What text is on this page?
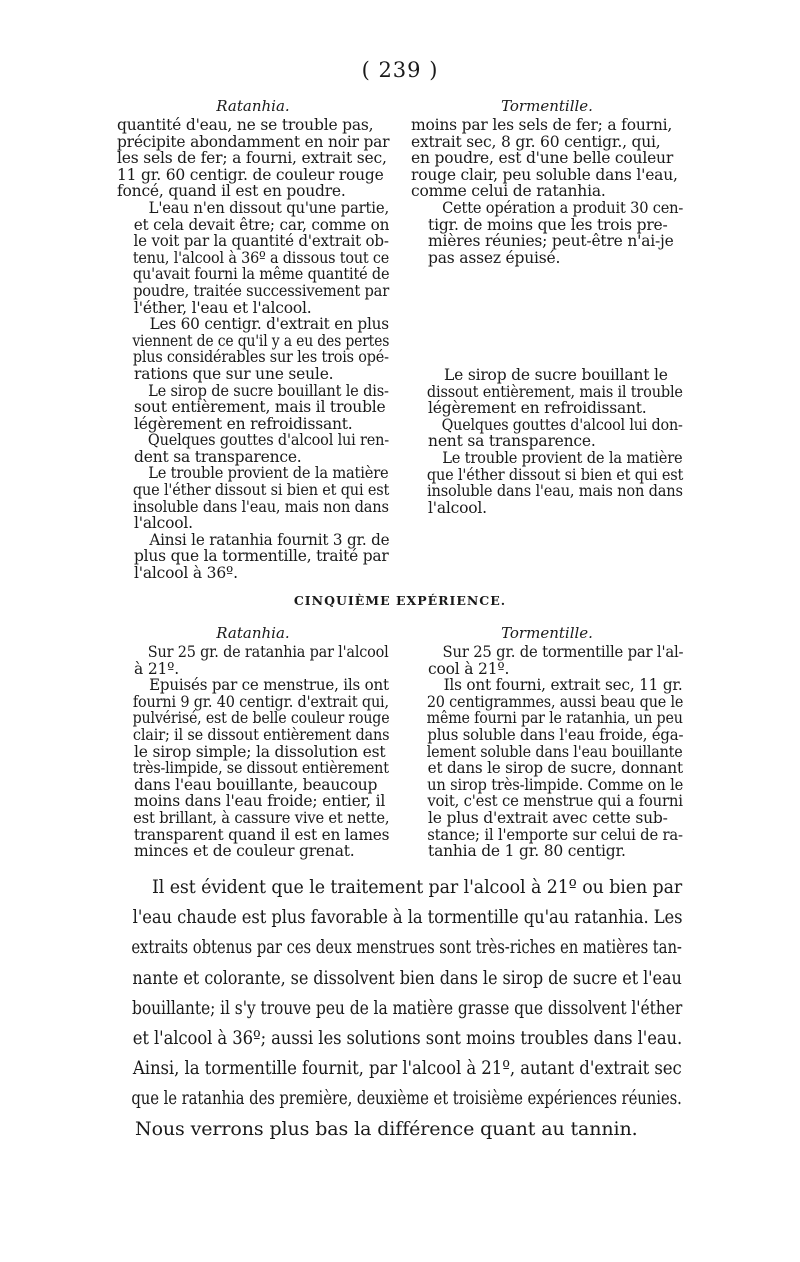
( 239 )
Ratanhia.

quantité d'eau, ne se trouble pas,
précipite abondamment en noir par
les sels de fer; a fourni, extrait sec,
11 gr. 60 centigr. de couleur rouge
foncé, quand il est en poudre.

L'eau n'en dissout qu'une partie,
et cela devait être; car, comme on
le voit par la quantité d'extrait ob-
tenu, l'alcool à 36º a dissous tout ce
qu'avait fourni la même quantité de
poudre, traitée successivement par
l'éther, l'eau et l'alcool.

Les 60 centigr. d'extrait en plus
viennent de ce qu'il y a eu des pertes
plus considérables sur les trois opé-
rations que sur une seule.

Le sirop de sucre bouillant le dis-
sout entièrement, mais il trouble
légèrement en refroidissant.

Quelques gouttes d'alcool lui ren-
dent sa transparence.

Le trouble provient de la matière
que l'éther dissout si bien et qui est
insoluble dans l'eau, mais non dans
l'alcool.

Ainsi le ratanhia fournit 3 gr. de
plus que la tormentille, traité par
l'alcool à 36º.

Tormentille.

moins par les sels de fer; a fourni,
extrait sec, 8 gr. 60 centigr., qui,
en poudre, est d'une belle couleur
rouge clair, peu soluble dans l'eau,
comme celui de ratanhia.

Cette opération a produit 30 cen-
tigr. de moins que les trois pre-
mières réunies; peut-être n'ai-je
pas assez épuisé.

Le sirop de sucre bouillant le
dissout entièrement, mais il trouble
légèrement en refroidissant.

Quelques gouttes d'alcool lui don-
nent sa transparence.

Le trouble provient de la matière
que l'éther dissout si bien et qui est
insoluble dans l'eau, mais non dans
l'alcool.

CINQUIÈME EXPÉRIENCE.
Ratanhia.

Sur 25 gr. de ratanhia par l'alcool
à 21º.

Epuisés par ce menstrue, ils ont
fourni 9 gr. 40 centigr. d'extrait qui,
pulvérisé, est de belle couleur rouge
clair; il se dissout entièrement dans
le sirop simple; la dissolution est
très-limpide, se dissout entièrement
dans l'eau bouillante, beaucoup
moins dans l'eau froide; entier, il
est brillant, à cassure vive et nette,
transparent quand il est en lames
minces et de couleur grenat.

Tormentille.

Sur 25 gr. de tormentille par l'al-
cool à 21º.

Ils ont fourni, extrait sec, 11 gr.
20 centigrammes, aussi beau que le
même fourni par le ratanhia, un peu
plus soluble dans l'eau froide, éga-
lement soluble dans l'eau bouillante
et dans le sirop de sucre, donnant
un sirop très-limpide. Comme on le
voit, c'est ce menstrue qui a fourni
le plus d'extrait avec cette sub-
stance; il l'emporte sur celui de ra-
tanhia de 1 gr. 80 centigr.

Il est évident que le traitement par l'alcool à 21º ou bien par
l'eau chaude est plus favorable à la tormentille qu'au ratanhia. Les
extraits obtenus par ces deux menstrues sont très-riches en matières tan-
nante et colorante, se dissolvent bien dans le sirop de sucre et l'eau
bouillante; il s'y trouve peu de la matière grasse que dissolvent l'éther
et l'alcool à 36º; aussi les solutions sont moins troubles dans l'eau.
Ainsi, la tormentille fournit, par l'alcool à 21º, autant d'extrait sec
que le ratanhia des première, deuxième et troisième expériences réunies.
Nous verrons plus bas la différence quant au tannin.
